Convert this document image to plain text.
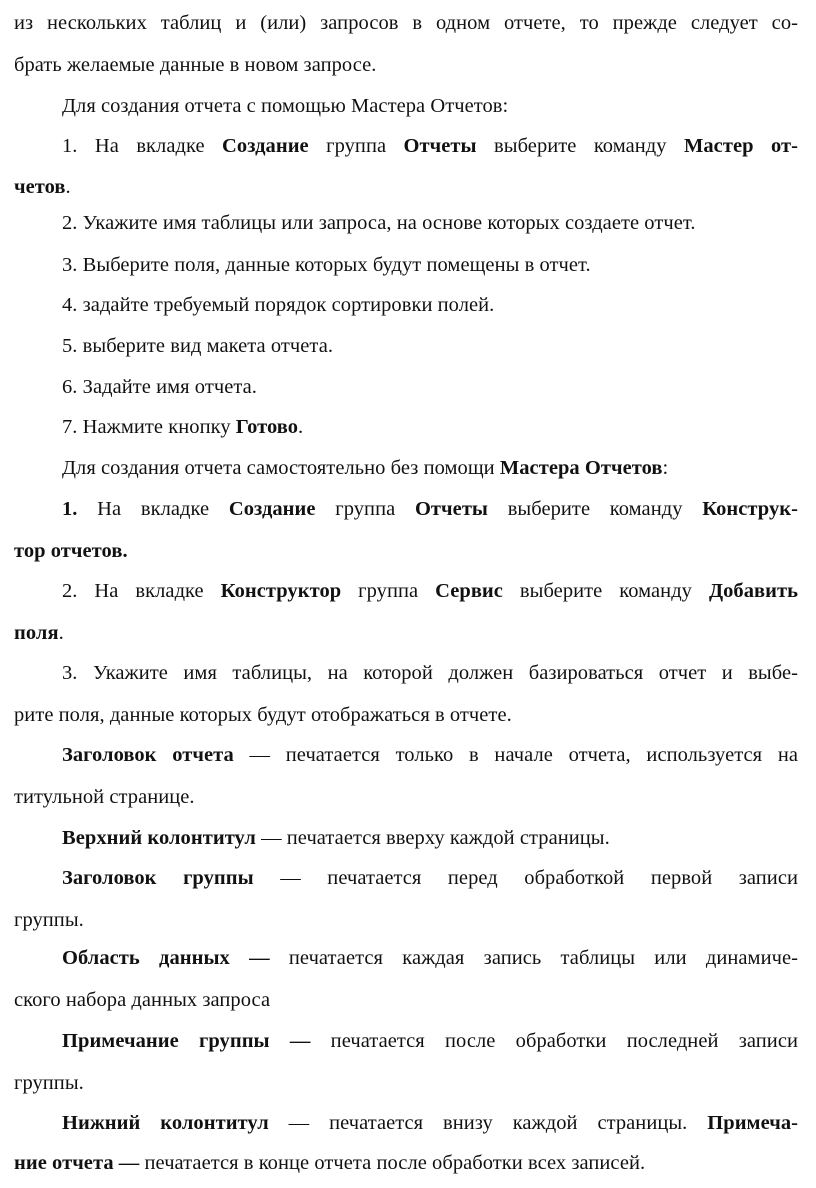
из нескольких таблиц и (или) запросов в одном отчете, то прежде следует со-
брать желаемые данные в новом запросе.
Для создания отчета с помощью Мастера Отчетов:
1. На вкладке Создание группа Отчеты выберите команду Мастер от-
четов.
2. Укажите имя таблицы или запроса, на основе которых создаете отчет.
3. Выберите поля, данные которых будут помещены в отчет.
4. задайте требуемый порядок сортировки полей.
5. выберите вид макета отчета.
6. Задайте имя отчета.
7. Нажмите кнопку Готово.
Для создания отчета самостоятельно без помощи Мастера Отчетов:
1. На вкладке Создание группа Отчеты выберите команду Конструк-
тор отчетов.
2. На вкладке Конструктор группа Сервис выберите команду Добавить
поля.
3. Укажите имя таблицы, на которой должен базироваться отчет и выбе-
рите поля, данные которых будут отображаться в отчете.
Заголовок отчета — печатается только в начале отчета, используется на
титульной странице.
Верхний колонтитул — печатается вверху каждой страницы.
Заголовок группы — печатается перед обработкой первой записи
группы.
Область данных — печатается каждая запись таблицы или динамиче-
ского набора данных запроса
Примечание группы — печатается после обработки последней записи
группы.
Нижний колонтитул — печатается внизу каждой страницы. Примеча-
ние отчета — печатается в конце отчета после обработки всех записей.
